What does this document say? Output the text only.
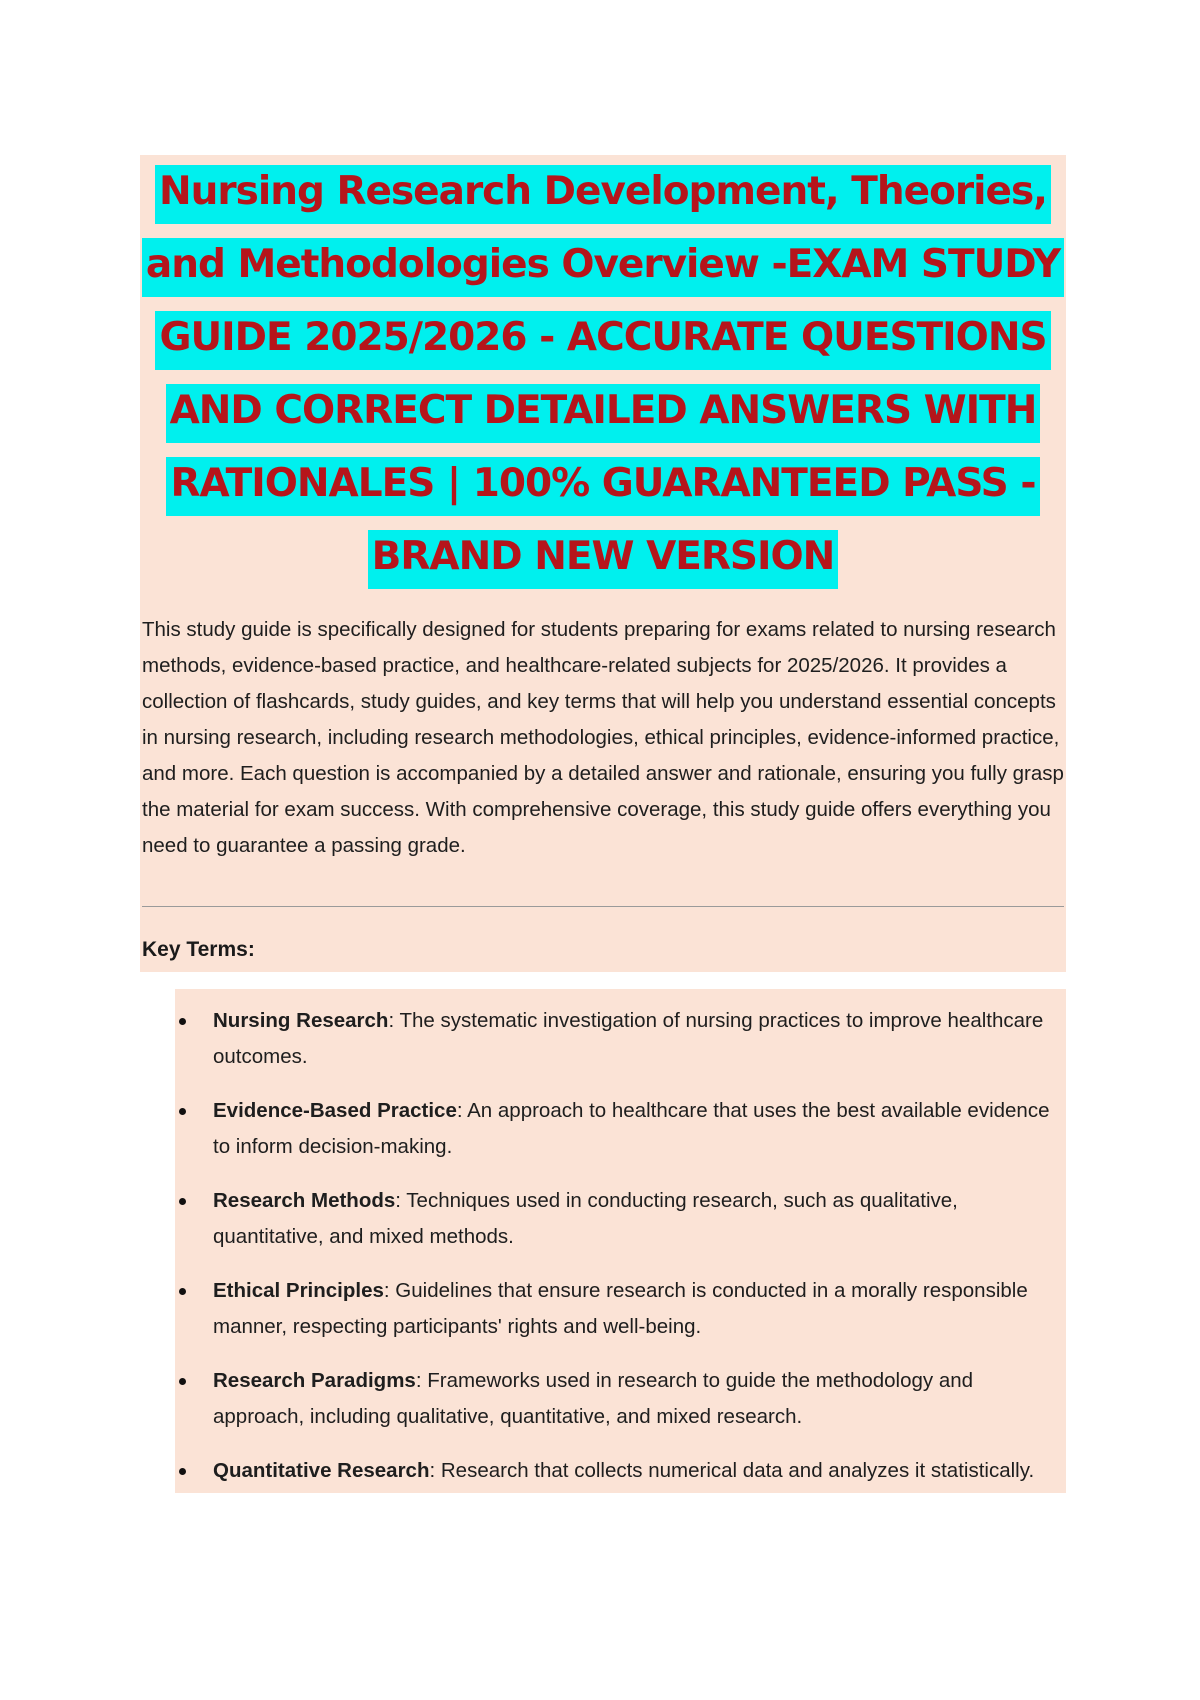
Nursing Research Development, Theories, and Methodologies Overview -EXAM STUDY GUIDE 2025/2026 - ACCURATE QUESTIONS AND CORRECT DETAILED ANSWERS WITH RATIONALES | 100% GUARANTEED PASS - BRAND NEW VERSION

This study guide is specifically designed for students preparing for exams related to nursing research methods, evidence-based practice, and healthcare-related subjects for 2025/2026. It provides a collection of flashcards, study guides, and key terms that will help you understand essential concepts in nursing research, including research methodologies, ethical principles, evidence-informed practice, and more. Each question is accompanied by a detailed answer and rationale, ensuring you fully grasp the material for exam success. With comprehensive coverage, this study guide offers everything you need to guarantee a passing grade.

Key Terms:

Nursing Research: The systematic investigation of nursing practices to improve healthcare outcomes.
Evidence-Based Practice: An approach to healthcare that uses the best available evidence to inform decision-making.
Research Methods: Techniques used in conducting research, such as qualitative, quantitative, and mixed methods.
Ethical Principles: Guidelines that ensure research is conducted in a morally responsible manner, respecting participants' rights and well-being.
Research Paradigms: Frameworks used in research to guide the methodology and approach, including qualitative, quantitative, and mixed research.
Quantitative Research: Research that collects numerical data and analyzes it statistically.
